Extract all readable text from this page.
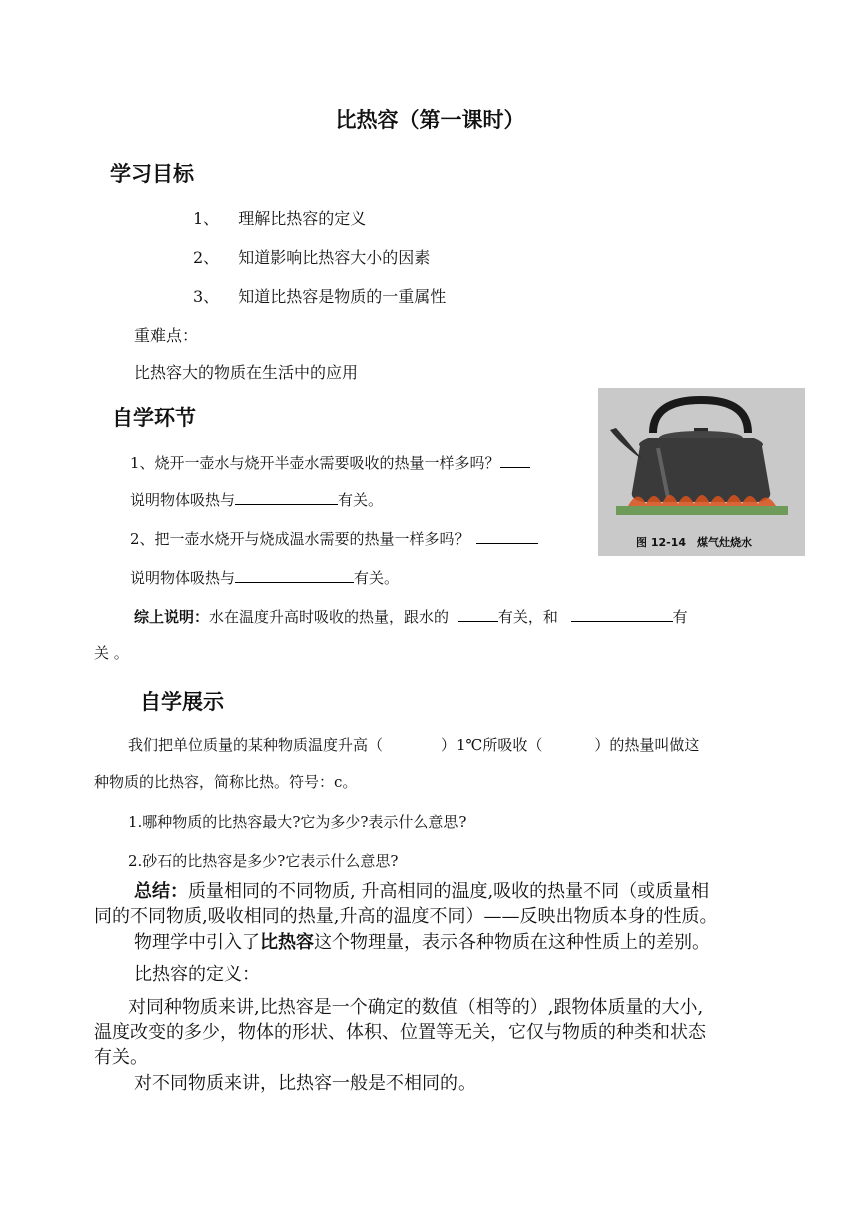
比热容（第一课时）
学习目标
1、 理解比热容的定义
2、 知道影响比热容大小的因素
3、 知道比热容是物质的一重属性
重难点：
比热容大的物质在生活中的应用
自学环节
1、烧开一壶水与烧开半壶水需要吸收的热量一样多吗？
说明物体吸热与	有关。
2、把一壶水烧开与烧成温水需要的热量一样多吗？
说明物体吸热与	有关。
综上说明：水在温度升高时吸收的热量，跟水的	有关，和	有
关 。
图 12-14　煤气灶烧水
自学展示
我们把单位质量的某种物质温度升高（	）1℃所吸收（	）的热量叫做这
种物质的比热容，简称比热。符号：c。
1.哪种物质的比热容最大?它为多少?表示什么意思?
2.砂石的比热容是多少?它表示什么意思?
总结：质量相同的不同物质, 升高相同的温度,吸收的热量不同（或质量相
同的不同物质,吸收相同的热量,升高的温度不同）——反映出物质本身的性质。
物理学中引入了比热容这个物理量，表示各种物质在这种性质上的差别。
比热容的定义：
对同种物质来讲,比热容是一个确定的数值（相等的）,跟物体质量的大小,
温度改变的多少，物体的形状、体积、位置等无关，它仅与物质的种类和状态
有关。
对不同物质来讲，比热容一般是不相同的。
